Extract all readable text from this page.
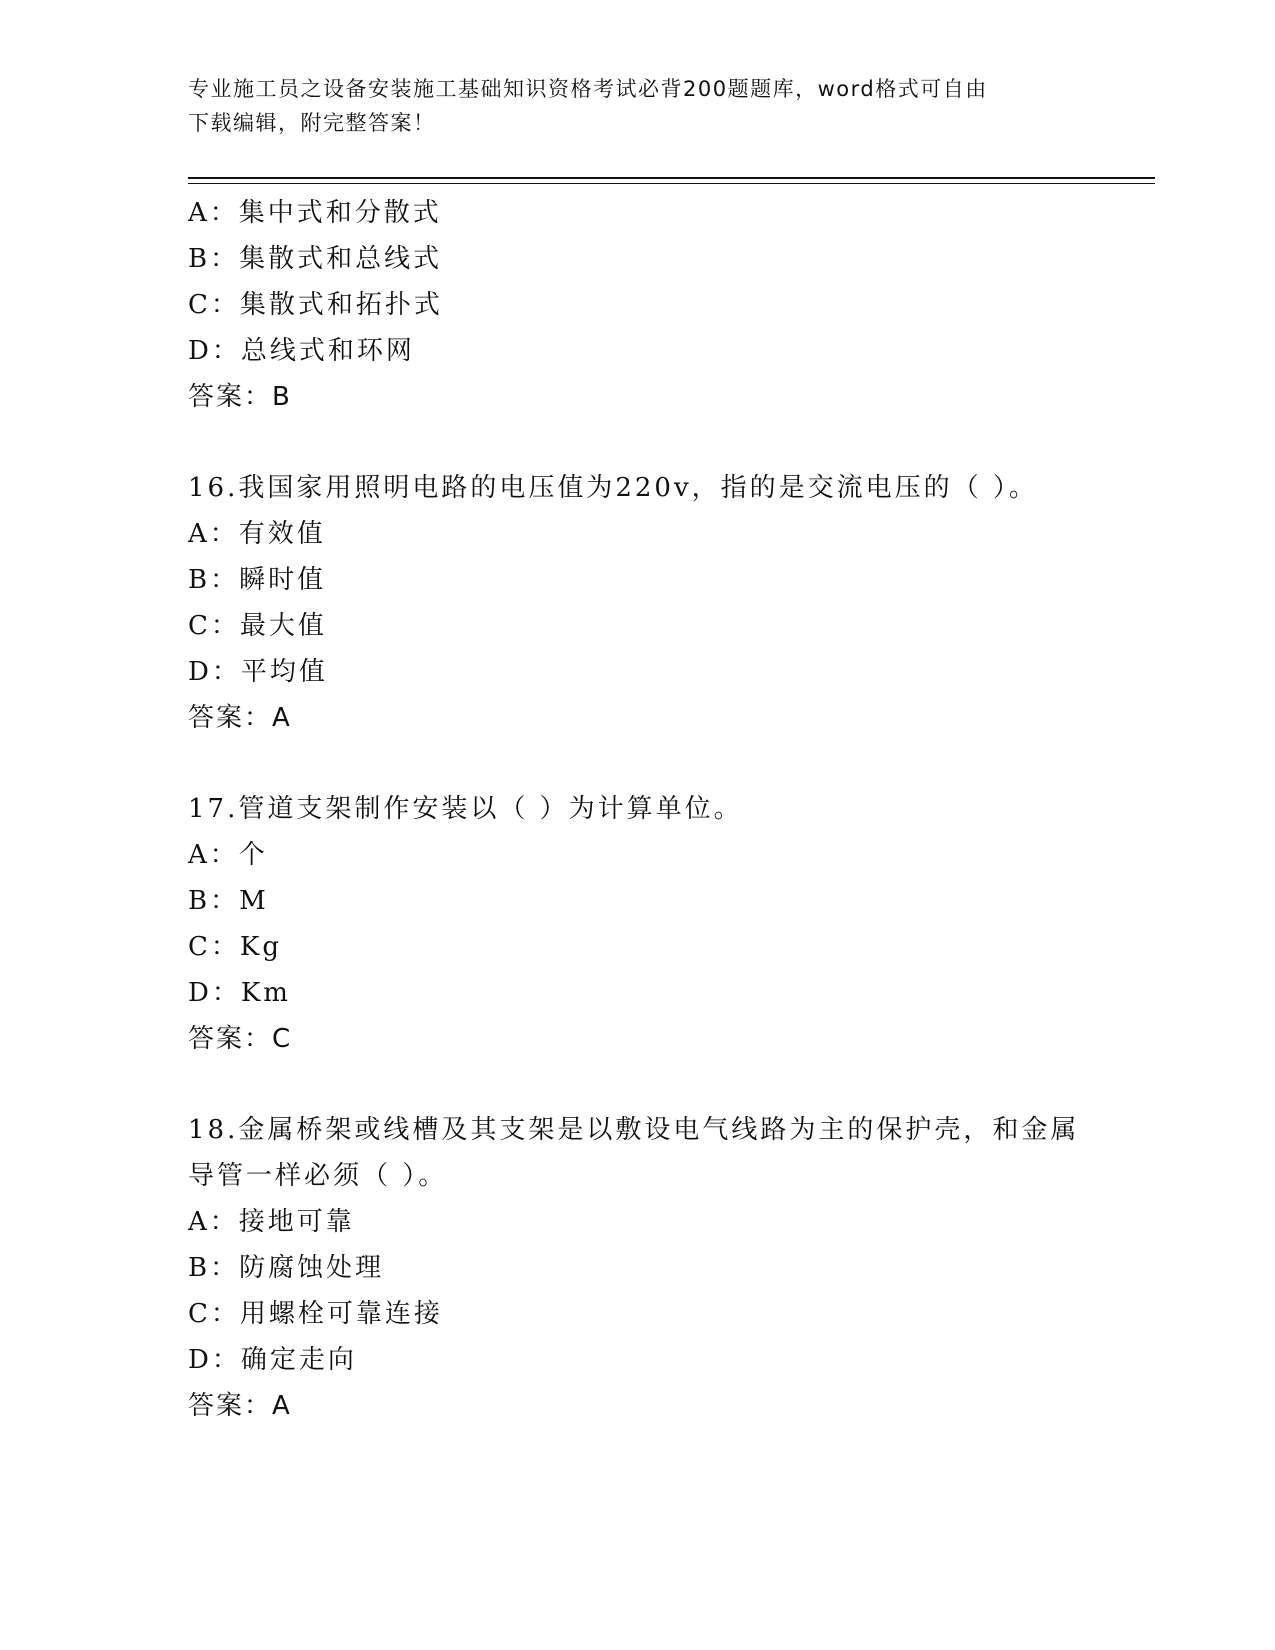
专业施工员之设备安装施工基础知识资格考试必背200题题库，word格式可自由
下载编辑，附完整答案！
A：集中式和分散式
B：集散式和总线式
C：集散式和拓扑式
D：总线式和环网
答案：B
16.我国家用照明电路的电压值为220v，指的是交流电压的（ ）。
A：有效值
B：瞬时值
C：最大值
D：平均值
答案：A
17.管道支架制作安装以（ ）为计算单位。
A：个
B：M
C：Kg
D：Km
答案：C
18.金属桥架或线槽及其支架是以敷设电气线路为主的保护壳，和金属
导管一样必须（ ）。
A：接地可靠
B：防腐蚀处理
C：用螺栓可靠连接
D：确定走向
答案：A
